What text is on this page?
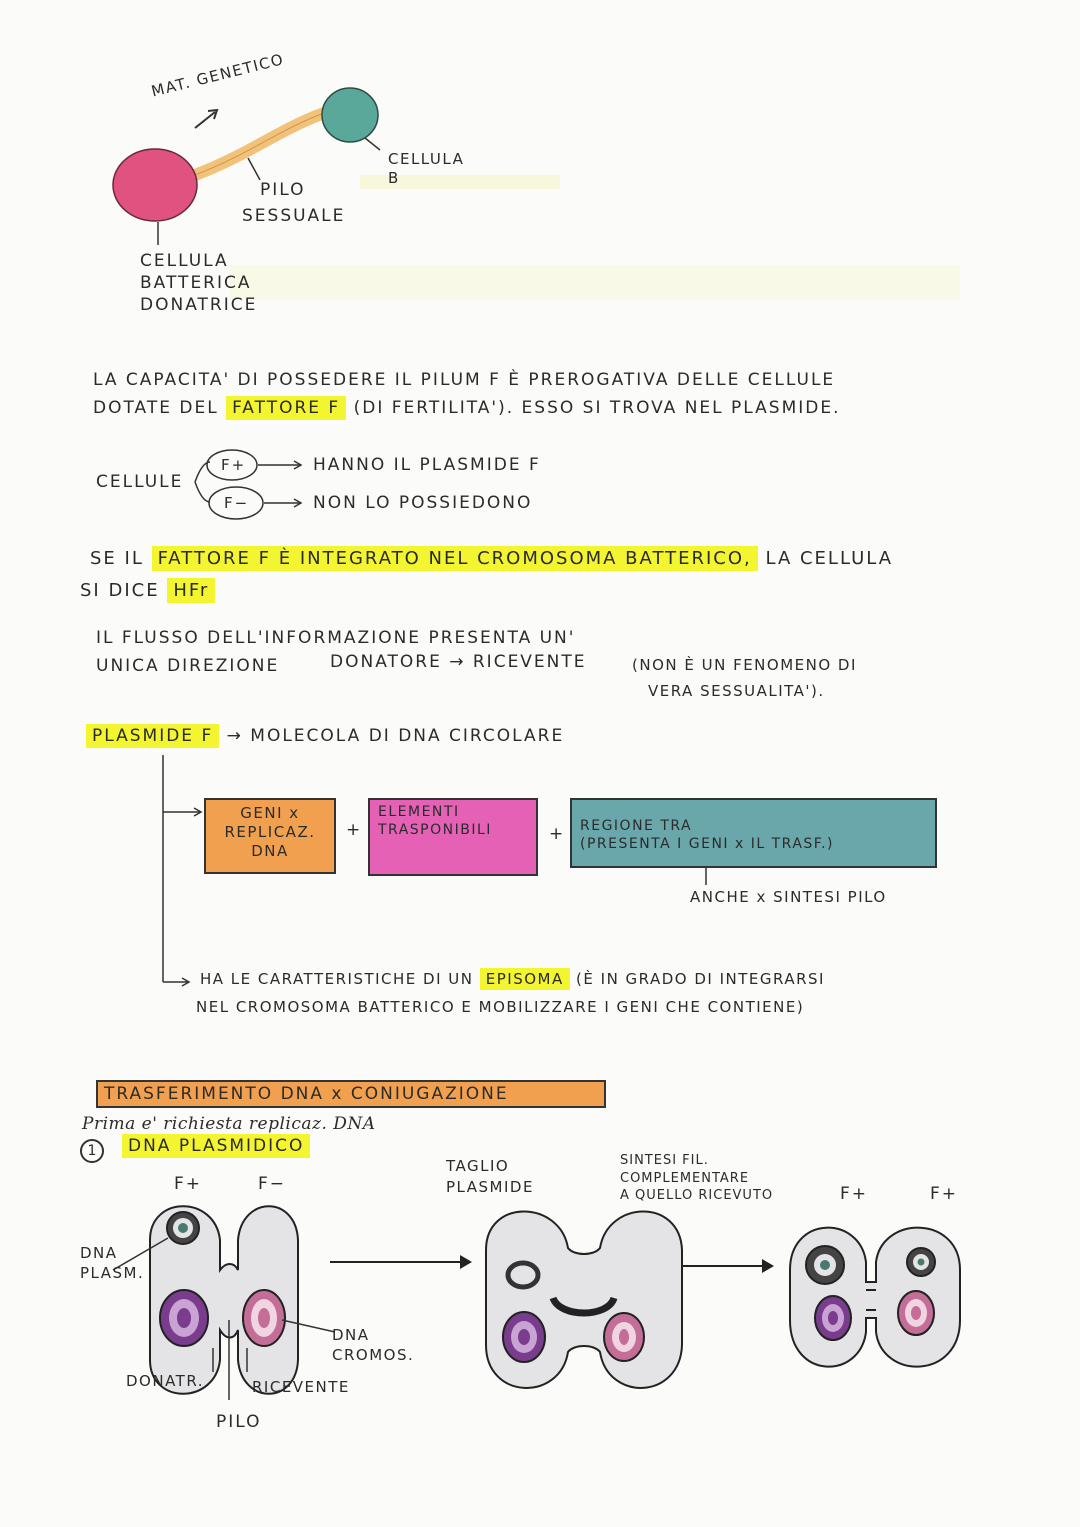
MAT. GENETICO
CELLULA
B
PILO
SESSUALE
CELLULA
BATTERICA
DONATRICE
LA CAPACITA' DI POSSEDERE IL PILUM F È PREROGATIVA DELLE CELLULE
DOTATE DEL FATTORE F (DI FERTILITA'). ESSO SI TROVA NEL PLASMIDE.
CELLULE
F+
F−
HANNO IL PLASMIDE F
NON LO POSSIEDONO
SE IL FATTORE F È INTEGRATO NEL CROMOSOMA BATTERICO, LA CELLULA
SI DICE HFr
IL FLUSSO DELL'INFORMAZIONE PRESENTA UN'
UNICA DIREZIONE	DONATORE → RICEVENTE	(NON È UN FENOMENO DI
VERA SESSUALITA').
PLASMIDE F → MOLECOLA DI DNA CIRCOLARE
GENI x
REPLICAZ.
DNA
+
ELEMENTI
TRASPONIBILI	+ REGIONE TRA
(PRESENTA I GENI x IL TRASF.)
ANCHE x SINTESI PILO
HA LE CARATTERISTICHE DI UN EPISOMA (È IN GRADO DI INTEGRARSI
NEL CROMOSOMA BATTERICO E MOBILIZZARE I GENI CHE CONTIENE)
TRASFERIMENTO DNA x CONIUGAZIONE
Prima e' richiesta replicaz. DNA
1	DNA PLASMIDICO
F+	F−
DNA
PLASM.
DNA
CROMOS.
DONATR.	RICEVENTE
PILO
TAGLIO
PLASMIDE
SINTESI FIL.
COMPLEMENTARE
A QUELLO RICEVUTO	F+	F+
